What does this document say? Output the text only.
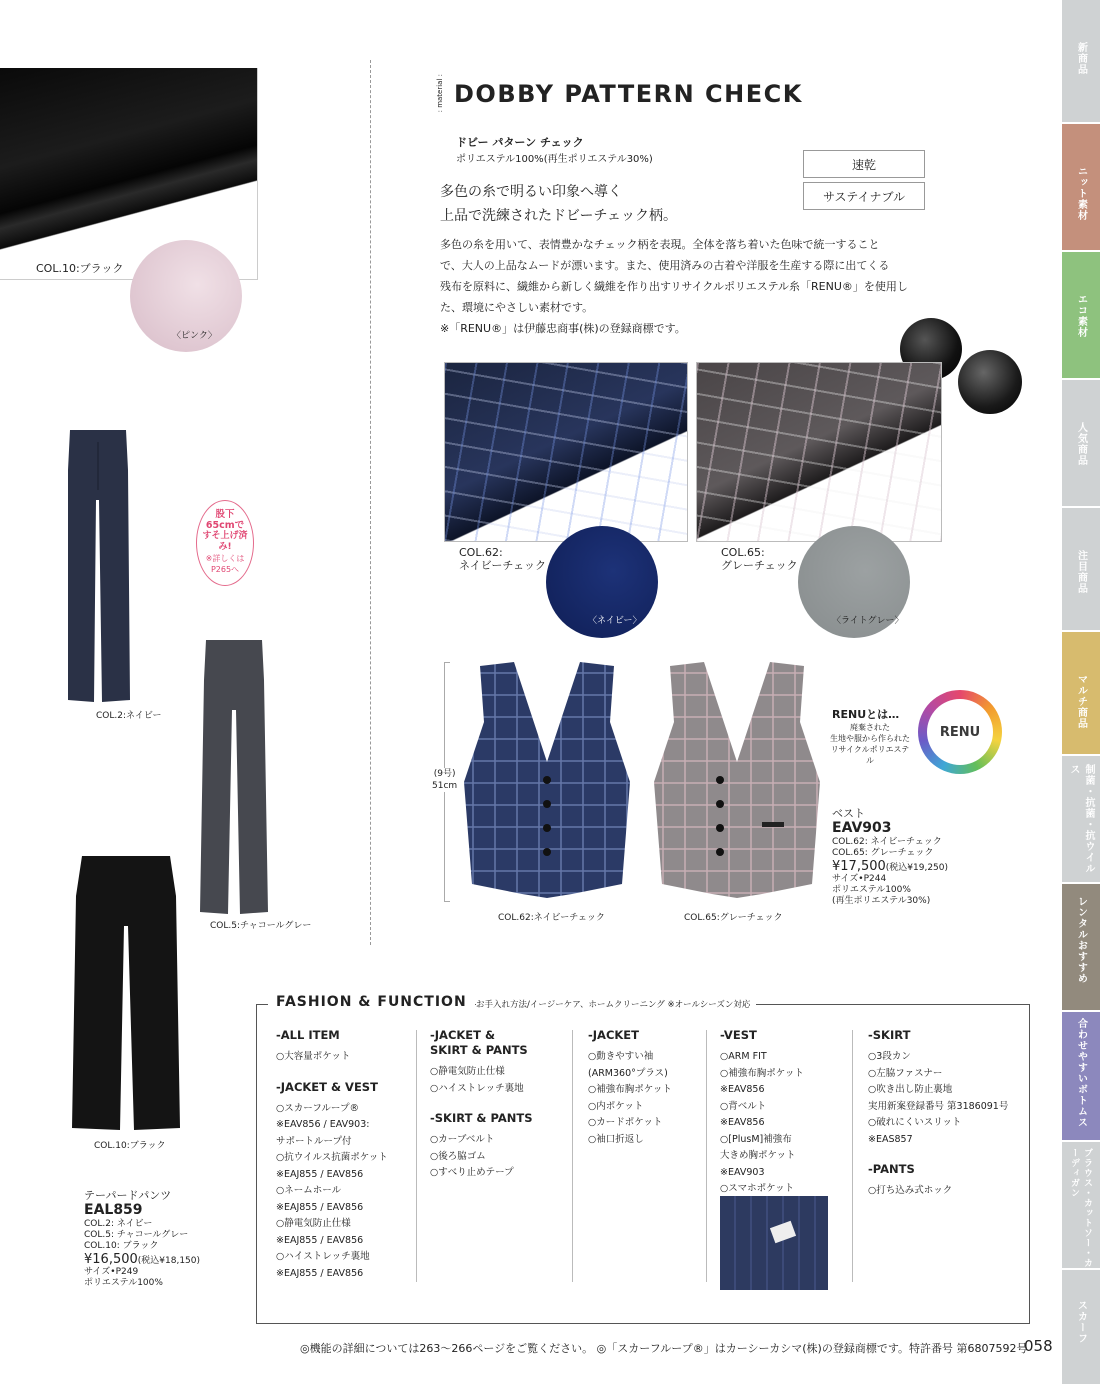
新商品
ニット素材
エコ素材
人気商品
注目商品
マルチ商品
制菌・抗菌・抗ウイルス
レンタルおすすめ
合わせやすいボトムス
ブラウス・カットソー・カーディガン
スカーフ
COL.10:ブラック
〈ピンク〉
COL.2:ネイビー
股下
65cmで
すそ上げ済み!
※詳しくは
P265へ
COL.5:チャコールグレー
COL.10:ブラック
テーパードパンツ
EAL859
COL.2: ネイビー
COL.5: チャコールグレー
COL.10: ブラック
¥16,500(税込¥18,150)
サイズ•P249
ポリエステル100%
: material : DOBBY PATTERN CHECK
ドビー パターン チェック
ポリエステル100%(再生ポリエステル30%)	速乾
サステイナブル
多色の糸で明るい印象へ導く
上品で洗練されたドビーチェック柄。
多色の糸を用いて、表情豊かなチェック柄を表現。全体を落ち着いた色味で統一すること
で、大人の上品なムードが漂います。また、使用済みの古着や洋服を生産する際に出てくる
残布を原料に、繊維から新しく繊維を作り出すリサイクルポリエステル糸「RENU®」を使用し
た、環境にやさしい素材です。
※「RENU®」は伊藤忠商事(株)の登録商標です。
COL.62:
ネイビーチェック
〈ネイビー〉
COL.65:
グレーチェック
〈ライトグレー〉
(9号)
51cm
COL.62:ネイビーチェック	COL.65:グレーチェック
RENUとは…
廃棄された
生地や服から作られた
リサイクルポリエステル
RENU
ベスト
EAV903
COL.62: ネイビーチェック
COL.65: グレーチェック
¥17,500(税込¥19,250)
サイズ•P244
ポリエステル100%
(再生ポリエステル30%)
FASHION & FUNCTION	お手入れ方法/イージーケア、ホームクリーニング ※オールシーズン対応
-ALL ITEM

○大容量ポケット

-JACKET & VEST

○スカーフループ®

※EAV856 / EAV903:

サポートループ付

○抗ウイルス抗菌ポケット

※EAJ855 / EAV856

○ネームホール

※EAJ855 / EAV856

○静電気防止仕様

※EAJ855 / EAV856

○ハイストレッチ裏地

※EAJ855 / EAV856

-JACKET &
SKIRT & PANTS

○静電気防止仕様

○ハイストレッチ裏地

-SKIRT & PANTS

○カーブベルト

○後ろ脇ゴム

○すべり止めテープ

-JACKET

○動きやすい袖

(ARM360°プラス)

○補強布胸ポケット

○内ポケット

○カードポケット

○袖口折返し

-VEST

○ARM FIT

○補強布胸ポケット

※EAV856

○背ベルト

※EAV856

○[PlusM]補強布

大きめ胸ポケット

※EAV903

○スマホポケット

-SKIRT

○3段カン

○左脇ファスナー

○吹き出し防止裏地

実用新案登録番号 第3186091号

○破れにくいスリット

※EAS857

-PANTS

○打ち込み式ホック

◎機能の詳細については263〜266ページをご覧ください。 ◎「スカーフループ®」はカーシーカシマ(株)の登録商標です。特許番号 第6807592号
058
